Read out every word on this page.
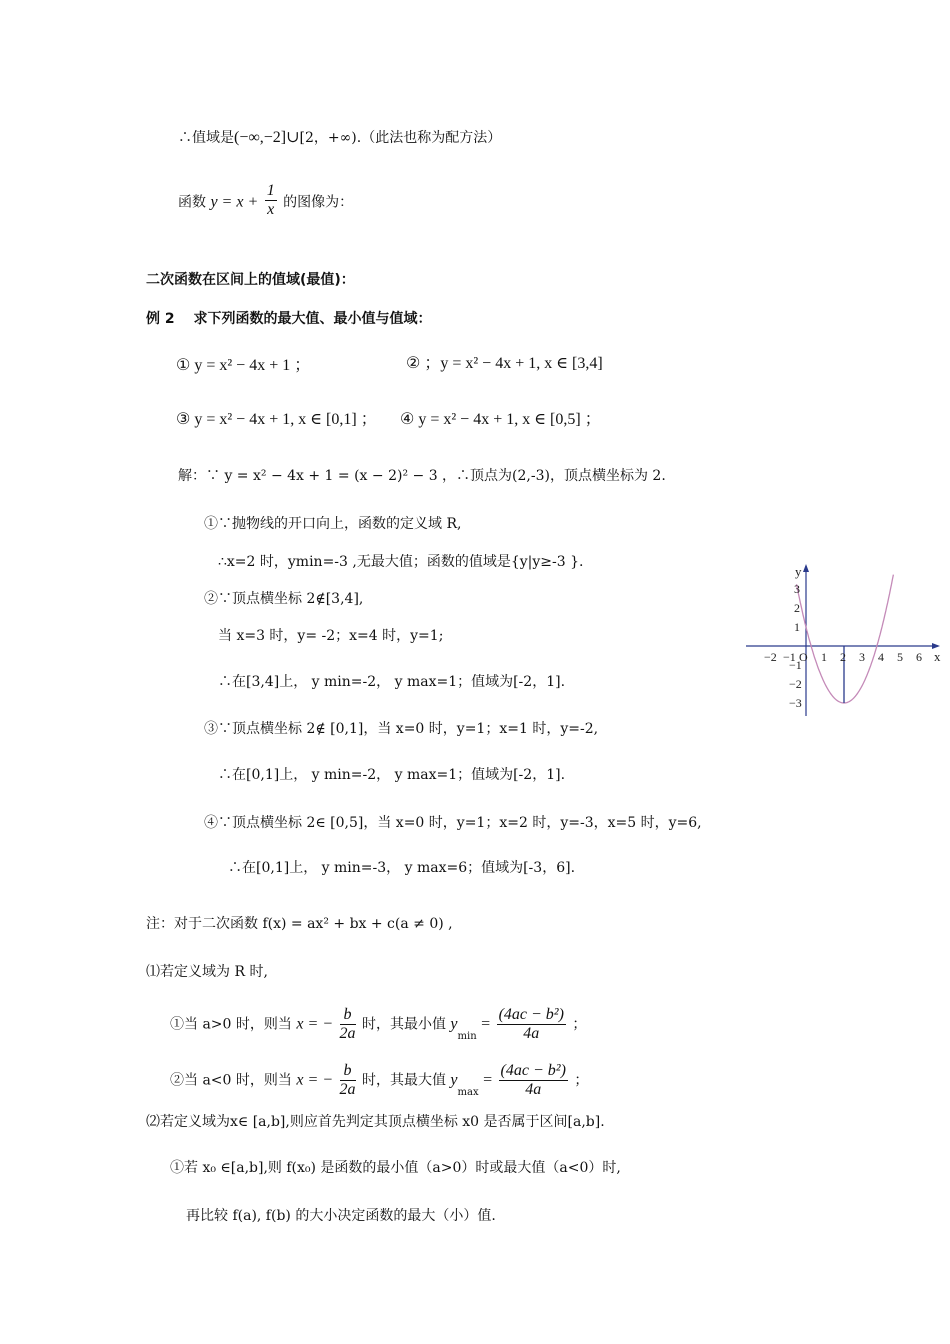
∴值域是(−∞,−2]∪[2，+∞).（此法也称为配方法）
函数 $y = x + \frac{1}{x}$ 的图像为：
二次函数在区间上的值域(最值)：
例 2　 求下列函数的最大值、最小值与值域：
① y = x² − 4x + 1 ；	② ；y = x² − 4x + 1, x ∈ [3,4]
③ y = x² − 4x + 1, x ∈ [0,1] ； ④ y = x² − 4x + 1, x ∈ [0,5] ；
解：∵ y = x² − 4x + 1 = (x − 2)² − 3 ，∴顶点为(2,-3)，顶点横坐标为 2.
①∵抛物线的开口向上，函数的定义域 R,
∴x=2 时，ymin=-3 ,无最大值；函数的值域是{y|y≥-3 }.
②∵顶点横坐标 2∉[3,4],
当 x=3 时，y= -2；x=4 时，y=1;
∴在[3,4]上， y min=-2， y max=1；值域为[-2，1].
③∵顶点横坐标 2∉ [0,1]，当 x=0 时，y=1；x=1 时，y=-2,
∴在[0,1]上， y min=-2， y max=1；值域为[-2，1].
④∵顶点横坐标 2∈ [0,5]，当 x=0 时，y=1；x=2 时，y=-3，x=5 时，y=6,
∴在[0,1]上， y min=-3， y max=6；值域为[-3，6].
注：对于二次函数 f(x) = ax² + bx + c(a ≠ 0) ,
⑴若定义域为 R 时,
①当 a>0 时，则当 x = − $\frac{b}{2a}$ 时，其最小值 $y_{min} = \frac{\text{(4ac − b²)}}{4a}$ ；
②当 a<0 时，则当 x = − $\frac{b}{2a}$ 时，其最大值 $y_{max} = \frac{\text{(4ac − b²)}}{4a}$ ；
⑵若定义域为x∈ [a,b],则应首先判定其顶点横坐标 x0 是否属于区间[a,b].
①若 x₀ ∈[a,b],则 f(x₀) 是函数的最小值（a>0）时或最大值（a<0）时,
再比较 f(a), f(b) 的大小决定函数的最大（小）值.
−2 −1 O 1 2 3 4 5 6
3
2
1
−1
−2
−3
x
y
